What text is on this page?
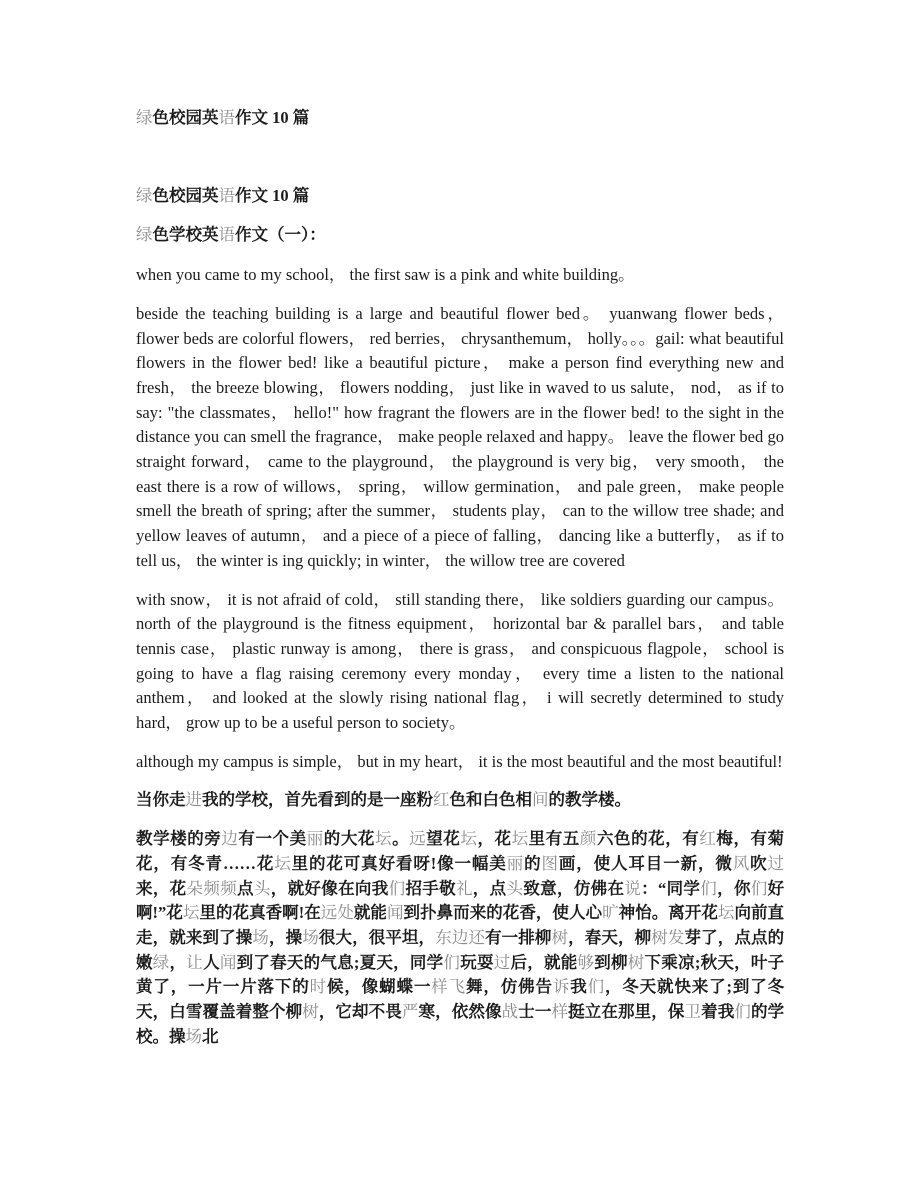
绿色校园英语作文 10 篇

绿色校园英语作文 10 篇

绿色学校英语作文（一）：

when you came to my school， the first saw is a pink and white building。

beside the teaching building is a large and beautiful flower bed。 yuanwang flower beds， flower beds are colorful flowers， red berries， chrysanthemum， holly。。。gail: what beautiful flowers in the flower bed! like a beautiful picture， make a person find everything new and fresh， the breeze blowing， flowers nodding， just like in waved to us salute， nod， as if to say: "the classmates， hello!" how fragrant the flowers are in the flower bed! to the sight in the distance you can smell the fragrance， make people relaxed and happy。 leave the flower bed go straight forward， came to the playground， the playground is very big， very smooth， the east there is a row of willows， spring， willow germination， and pale green， make people smell the breath of spring; after the summer， students play， can to the willow tree shade; and yellow leaves of autumn， and a piece of a piece of falling， dancing like a butterfly， as if to tell us， the winter is ing quickly; in winter， the willow tree are covered

with snow， it is not afraid of cold， still standing there， like soldiers guarding our campus。 north of the playground is the fitness equipment， horizontal bar & parallel bars， and table tennis case， plastic runway is among， there is grass， and conspicuous flagpole， school is going to have a flag raising ceremony every monday， every time a listen to the national anthem， and looked at the slowly rising national flag， i will secretly determined to study hard， grow up to be a useful person to society。

although my campus is simple， but in my heart， it is the most beautiful and the most beautiful!

当你走进我的学校，首先看到的是一座粉红色和白色相间的教学楼。

教学楼的旁边有一个美丽的大花坛。远望花坛，花坛里有五颜六色的花，有红梅，有菊花，有冬青……花坛里的花可真好看呀!像一幅美丽的图画，使人耳目一新，微风吹过来，花朵频频点头，就好像在向我们招手敬礼，点头致意，仿佛在说：“同学们，你们好啊!”花坛里的花真香啊!在远处就能闻到扑鼻而来的花香，使人心旷神怡。离开花坛向前直走，就来到了操场，操场很大，很平坦，东边还有一排柳树，春天，柳树发芽了，点点的嫩绿，让人闻到了春天的气息;夏天，同学们玩耍过后，就能够到柳树下乘凉;秋天，叶子黄了，一片一片落下的时候，像蝴蝶一样飞舞，仿佛告诉我们，冬天就快来了;到了冬天，白雪覆盖着整个柳树，它却不畏严寒，依然像战士一样挺立在那里，保卫着我们的学校。操场北
